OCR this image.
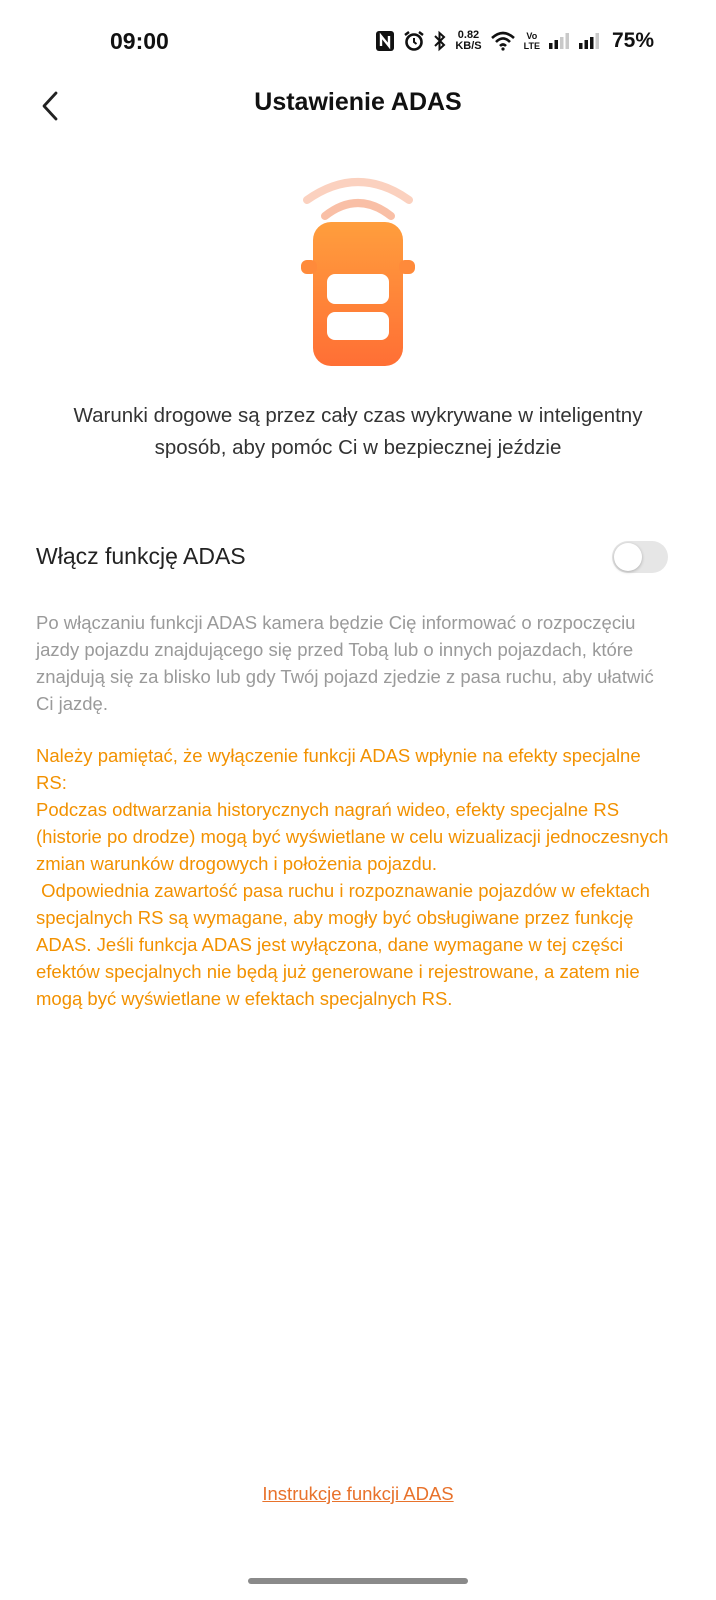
09:00	0.82
KB/S
Vo
LTE	75%
Ustawienie ADAS
Warunki drogowe są przez cały czas wykrywane w inteligentny sposób, aby pomóc Ci w bezpiecznej jeździe
Włącz funkcję ADAS
Po włączaniu funkcji ADAS kamera będzie Cię informować o rozpoczęciu jazdy pojazdu znajdującego się przed Tobą lub o innych pojazdach, które znajdują się za blisko lub gdy Twój pojazd zjedzie z pasa ruchu, aby ułatwić Ci jazdę.

Należy pamiętać, że wyłączenie funkcji ADAS wpłynie na efekty specjalne RS:

Podczas odtwarzania historycznych nagrań wideo, efekty specjalne RS (historie po drodze) mogą być wyświetlane w celu wizualizacji jednoczesnych zmian warunków drogowych i położenia pojazdu.

Odpowiednia zawartość pasa ruchu i rozpoznawanie pojazdów w efektach specjalnych RS są wymagane, aby mogły być obsługiwane przez funkcję ADAS. Jeśli funkcja ADAS jest wyłączona, dane wymagane w tej części efektów specjalnych nie będą już generowane i rejestrowane, a zatem nie mogą być wyświetlane w efektach specjalnych RS.

Instrukcje funkcji ADAS
